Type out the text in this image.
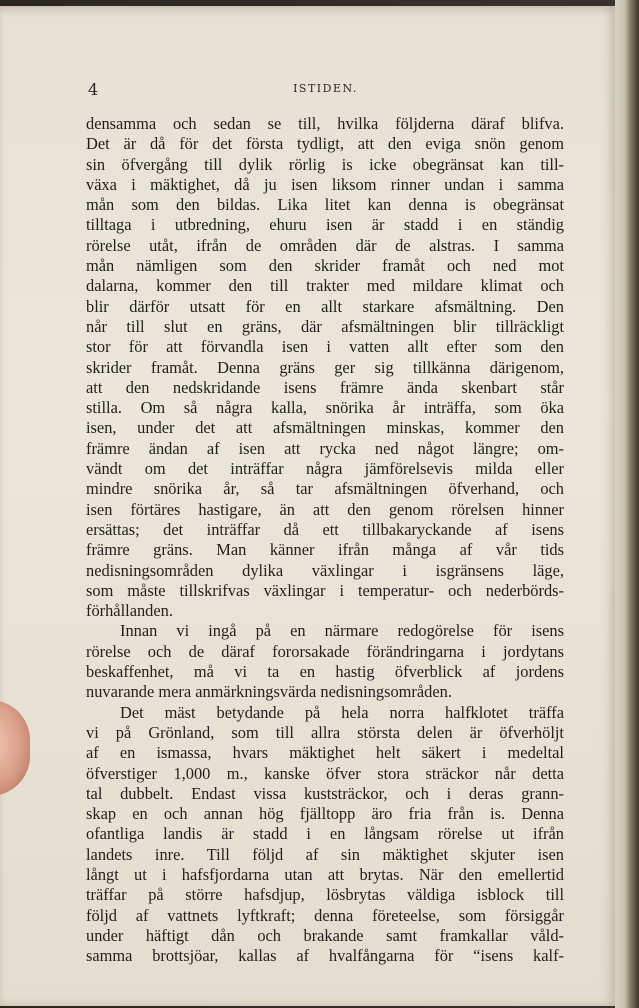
4	ISTIDEN.
densamma och sedan se till, hvilka följderna däraf blifva.
Det är då för det första tydligt, att den eviga snön genom
sin öfvergång till dylik rörlig is icke obegränsat kan till-
växa i mäktighet, då ju isen liksom rinner undan i samma
mån som den bildas. Lika litet kan denna is obegränsat
tilltaga i utbredning, ehuru isen är stadd i en ständig
rörelse utåt, ifrån de områden där de alstras. I samma
mån nämligen som den skrider framåt och ned mot
dalarna, kommer den till trakter med mildare klimat och
blir därför utsatt för en allt starkare afsmältning. Den
når till slut en gräns, där afsmältningen blir tillräckligt
stor för att förvandla isen i vatten allt efter som den
skrider framåt. Denna gräns ger sig tillkänna därigenom,
att den nedskridande isens främre ända skenbart står
stilla. Om så några kalla, snörika år inträffa, som öka
isen, under det att afsmältningen minskas, kommer den
främre ändan af isen att rycka ned något längre; om-
vändt om det inträffar några jämförelsevis milda eller
mindre snörika år, så tar afsmältningen öfverhand, och
isen förtäres hastigare, än att den genom rörelsen hinner
ersättas; det inträffar då ett tillbakaryckande af isens
främre gräns. Man känner ifrån många af vår tids
nedisningsområden dylika växlingar i isgränsens läge,
som måste tillskrifvas växlingar i temperatur- och nederbörds-
förhållanden.
Innan vi ingå på en närmare redogörelse för isens
rörelse och de däraf fororsakade förändringarna i jordytans
beskaffenhet, må vi ta en hastig öfverblick af jordens
nuvarande mera anmärkningsvärda nedisningsområden.
Det mäst betydande på hela norra halfklotet träffa
vi på Grönland, som till allra största delen är öfverhöljt
af en ismassa, hvars mäktighet helt säkert i medeltal
öfverstiger 1,000 m., kanske öfver stora sträckor når detta
tal dubbelt. Endast vissa kuststräckor, och i deras grann-
skap en och annan hög fjälltopp äro fria från is. Denna
ofantliga landis är stadd i en långsam rörelse ut ifrån
landets inre. Till följd af sin mäktighet skjuter isen
långt ut i hafsfjordarna utan att brytas. När den emellertid
träffar på större hafsdjup, lösbrytas väldiga isblock till
följd af vattnets lyftkraft; denna företeelse, som försiggår
under häftigt dån och brakande samt framkallar våld-
samma brottsjöar, kallas af hvalfångarna för “isens kalf-
